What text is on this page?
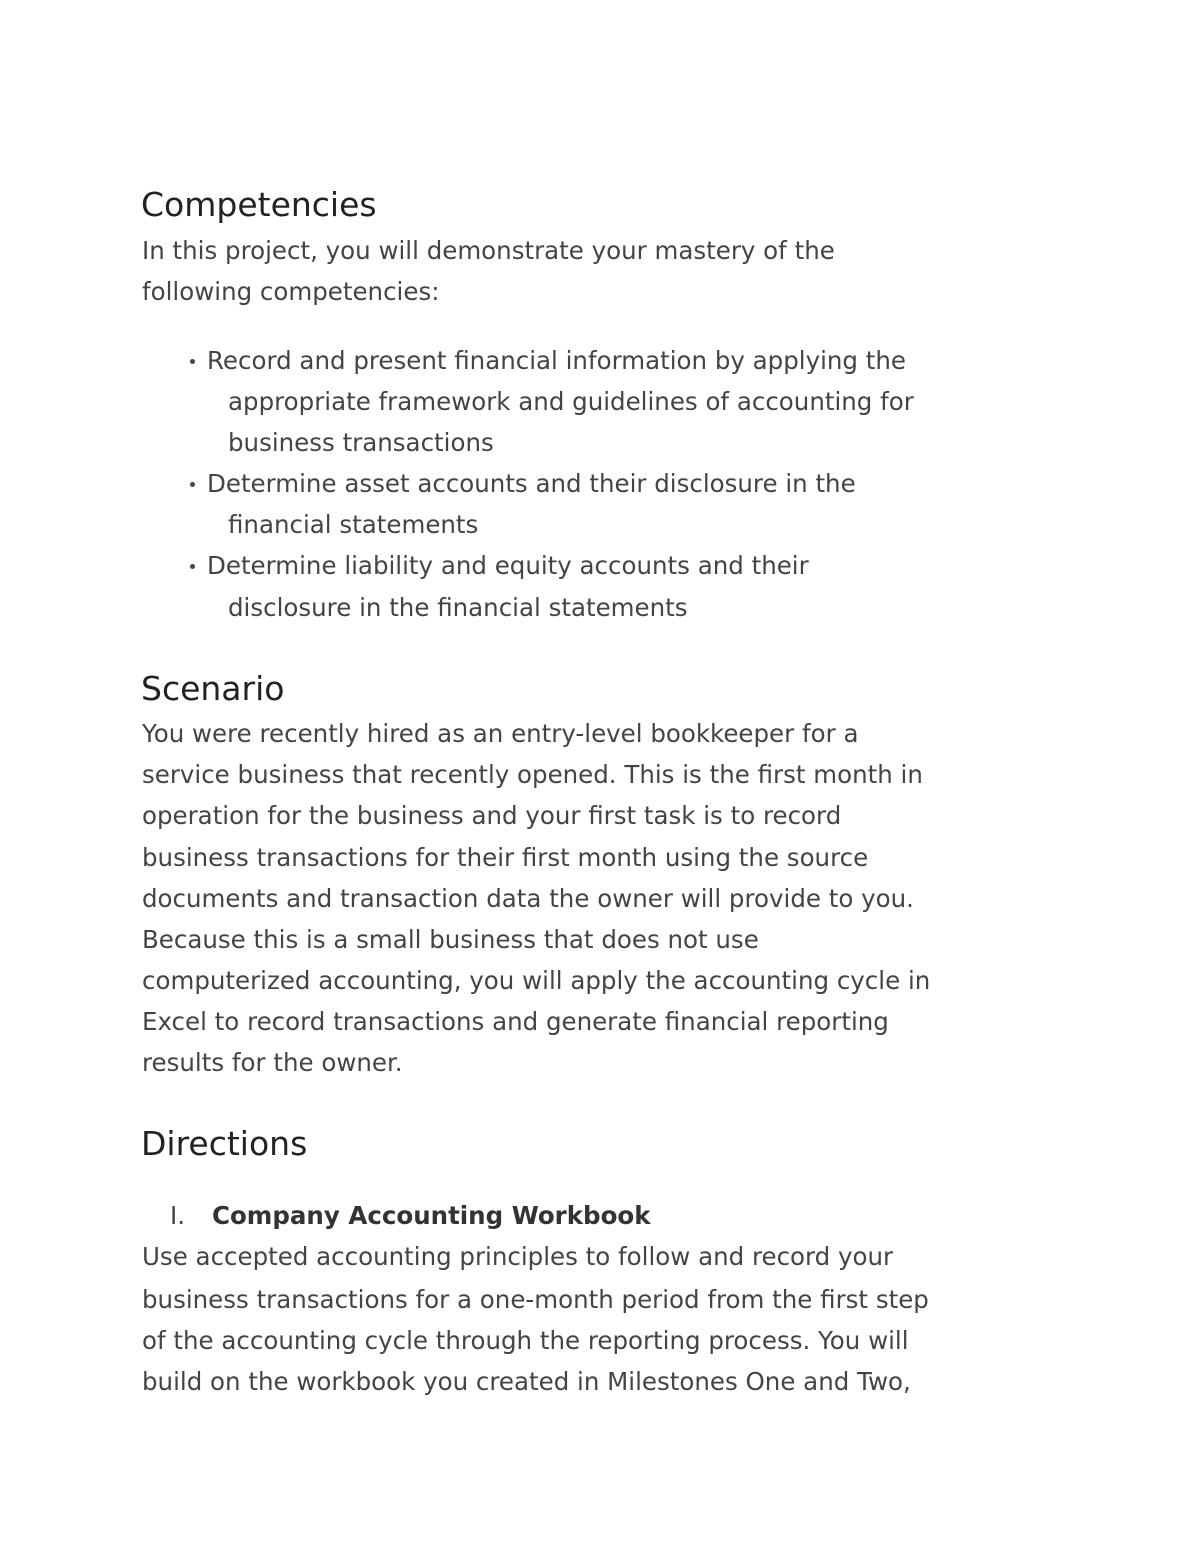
Competencies
In this project, you will demonstrate your mastery of the
following competencies:
Record and present financial information by applying the
appropriate framework and guidelines of accounting for
business transactions
Determine asset accounts and their disclosure in the
financial statements
Determine liability and equity accounts and their
disclosure in the financial statements
Scenario
You were recently hired as an entry-level bookkeeper for a
service business that recently opened. This is the first month in
operation for the business and your first task is to record
business transactions for their first month using the source
documents and transaction data the owner will provide to you.
Because this is a small business that does not use
computerized accounting, you will apply the accounting cycle in
Excel to record transactions and generate financial reporting
results for the owner.
Directions
I. Company Accounting Workbook
Use accepted accounting principles to follow and record your
business transactions for a one-month period from the first step
of the accounting cycle through the reporting process. You will
build on the workbook you created in Milestones One and Two,
